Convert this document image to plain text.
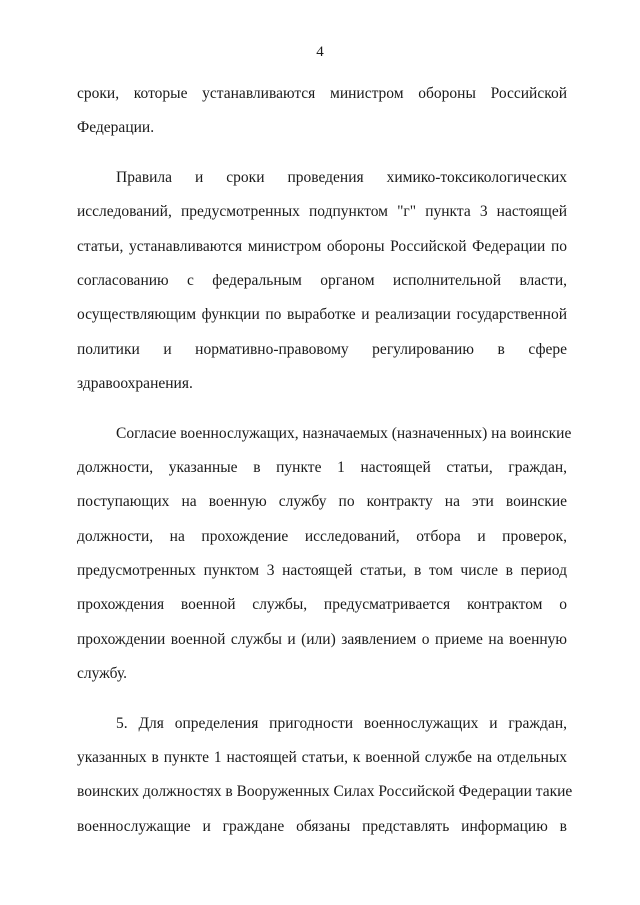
4
сроки, которые устанавливаются министром обороны Российской
Федерации.
Правила и сроки проведения химико-токсикологических
исследований, предусмотренных подпунктом "г" пункта 3 настоящей
статьи, устанавливаются министром обороны Российской Федерации по
согласованию с федеральным органом исполнительной власти,
осуществляющим функции по выработке и реализации государственной
политики и нормативно-правовому регулированию в сфере
здравоохранения.
Согласие военнослужащих, назначаемых (назначенных) на воинские
должности, указанные в пункте 1 настоящей статьи, граждан,
поступающих на военную службу по контракту на эти воинские
должности, на прохождение исследований, отбора и проверок,
предусмотренных пунктом 3 настоящей статьи, в том числе в период
прохождения военной службы, предусматривается контрактом о
прохождении военной службы и (или) заявлением о приеме на военную
службу.
5. Для определения пригодности военнослужащих и граждан,
указанных в пункте 1 настоящей статьи, к военной службе на отдельных
воинских должностях в Вооруженных Силах Российской Федерации такие
военнослужащие и граждане обязаны представлять информацию в
